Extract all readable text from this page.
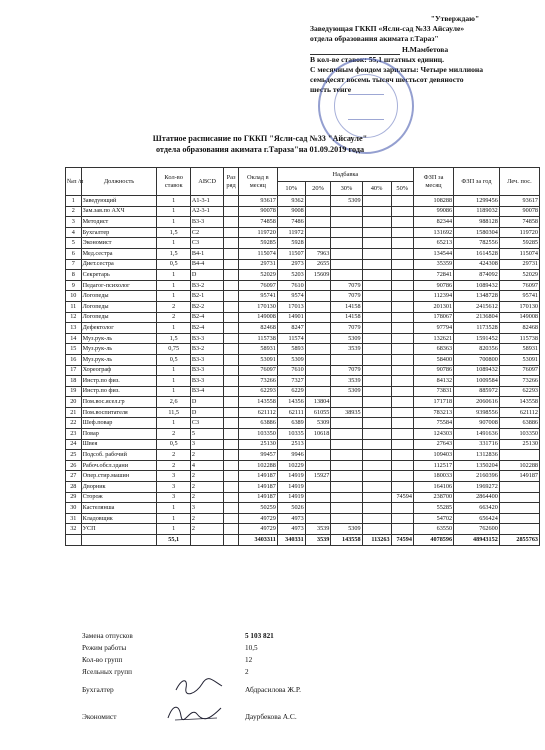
"Утверждаю"
Заведующая ГККП «Ясли-сад №33 Айсауле»
отдела образования акимата г.Тараз"
Н.Мамбетова
В кол-ве ставок: 55,1 штатных единиц.
С месячным фондом зарплаты: Четыре миллиона
семьдесят восемь тысяч шестьсот девяносто
шесть тенге
Штатное расписание по ГККП "Ясли-сад №33 "Айсауле"
отдела образования акимата г.Тараза"на 01.09.2019 года
№п /п	Должность	Кол-во ставок	ABCD	Раз ряд	Оклад в месяц	Надбавка					ФЗП за месяц	ФЗП за год	Леч. пос.
						10%	20%	30%	40%	50%			
1	Заведующий	1	А1-3-1		93617	9362		5309			108288	1299456	93617
2	Зам.зав.по АХЧ	1	А2-3-1		90078	9008					99086	1189032	90078
3	Методист	1	В3-3		74858	7486					82344	988128	74858
4	Бухгалтер	1,5	С2		119720	11972					131692	1580304	119720
5	Экономист	1	С3		59285	5928					65213	782556	59285
6	Мед.сестра	1,5	В4-1		115074	11507	7963				134544	1614528	115074
7	Диет.сестра	0,5	В4-4		29731	2973	2655				35359	424308	29731
8	Секретарь	1	D		52029	5203	15609				72841	874092	52029
9	Педагог-психолог	1	В3-2		76097	7610		7079			90786	1089432	76097
10	Логопеды	1	В2-1		95741	9574		7079			112394	1348728	95741
11	Логопеды	2	В2-2		170130	17013		14158			201301	2415612	170130
12	Логопеды	2	В2-4		149008	14901		14158			178067	2136804	149008
13	Дефектолог	1	В2-4		82468	8247		7079			97794	1173528	82468
14	Муз.рук-ль	1,5	В3-3		115738	11574		5309			132621	1591452	115738
15	Муз.рук-ль	0,75	В3-2		58931	5893		3539			68363	820356	58931
16	Муз.рук-ль	0,5	В3-3		53091	5309					58400	700800	53091
17	Хореограф	1	В3-3		76097	7610		7079			90786	1089432	76097
18	Инстр.по физ.	1	В3-3		73266	7327		3539			84132	1009584	73266
19	Инстр.по физ.	1	В3-4		62293	6229		5309			73831	885972	62293
20	Пом.вос.ясел.гр	2,6	D		143558	14356	13804				171718	2060616	143558
21	Пом.воспитателя	11,5	D		621112	62111	61055	38935			783213	9398556	621112
22	Шеф.повар	1	С3		63886	6389	5309				75584	907008	63886
23	Повар	2	5		103350	10335	10618				124303	1491636	103350
24	Швея	0,5	3		25130	2513					27643	331716	25130
25	Подсоб. рабочий	2	2		99457	9946					109403	1312836	
26	Рабоч.обсл.здани	2	4		102288	10229					112517	1350204	102288
27	Опер.стир.машин	3	2		149187	14919	15927				180033	2160396	149187
28	Дворник	3	2		149187	14919					164106	1969272	
29	Сторож	3	2		149187	14919				74594	238700	2864400	
30	Кастелянша	1	3		50259	5026					55285	663420	
31	Кладовщик	1	2		49729	4973					54702	656424	
32	УСП	1	2		49729	4973	3539	5309			63550	762600	
		55,1			3403311	340331	3539	143558	113263	74594	4078596	48943152	2855763
Замена отпусков	5 103 821
Режим работы	10,5
Кол-во групп	12
Ясельных групп	2
Бухгалтер	Абдрасилова Ж.Р.
Экономист	Даурбекова А.С.
